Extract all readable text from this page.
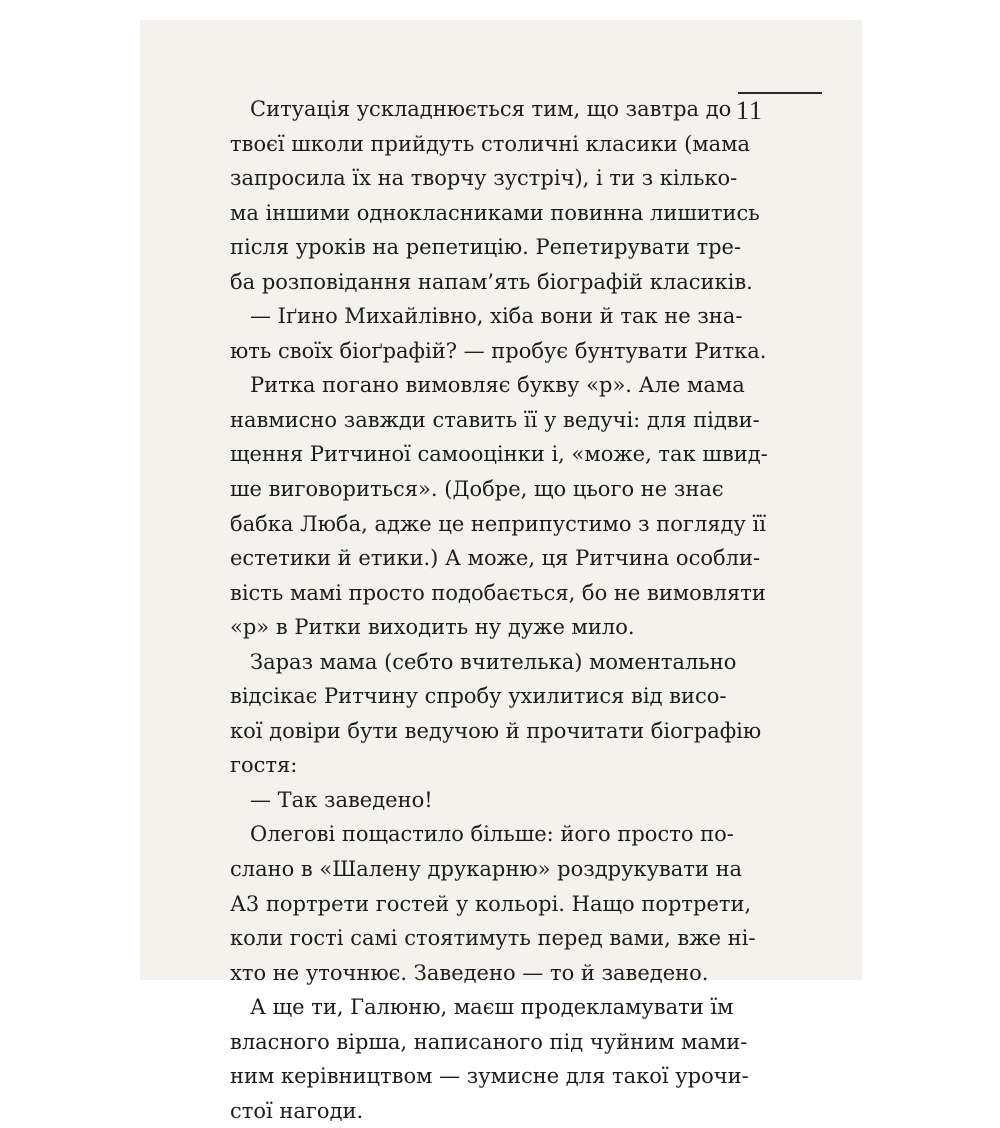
11
Ситуація ускладнюється тим, що завтра до
твоєї школи прийдуть столичні класики (мама
запросила їх на творчу зустріч), і ти з кілько-
ма іншими однокласниками повинна лишитись
після уроків на репетицію. Репетирувати тре-
ба розповідання напам’ять біографій класиків.
— Іґино Михайлівно, хіба вони й так не зна-
ють своїх біоґрафій? — пробує бунтувати Ритка.
Ритка погано вимовляє букву «р». Але мама
навмисно завжди ставить її у ведучі: для підви-
щення Ритчиної самооцінки і, «може, так швид-
ше виговориться». (Добре, що цього не знає
бабка Люба, адже це неприпустимо з погляду її
естетики й етики.) А може, ця Ритчина особли-
вість мамі просто подобається, бо не вимовляти
«р» в Ритки виходить ну дуже мило.
Зараз мама (себто вчителька) моментально
відсікає Ритчину спробу ухилитися від висо-
кої довіри бути ведучою й прочитати біографію
гостя:
— Так заведено!
Олегові пощастило більше: його просто по-
слано в «Шалену друкарню» роздрукувати на
А3 портрети гостей у кольорі. Нащо портрети,
коли гості самі стоятимуть перед вами, вже ні-
хто не уточнює. Заведено — то й заведено.
А ще ти, Галюню, маєш продекламувати їм
власного вірша, написаного під чуйним мами-
ним керівництвом — зумисне для такої урочи-
стої нагоди.
